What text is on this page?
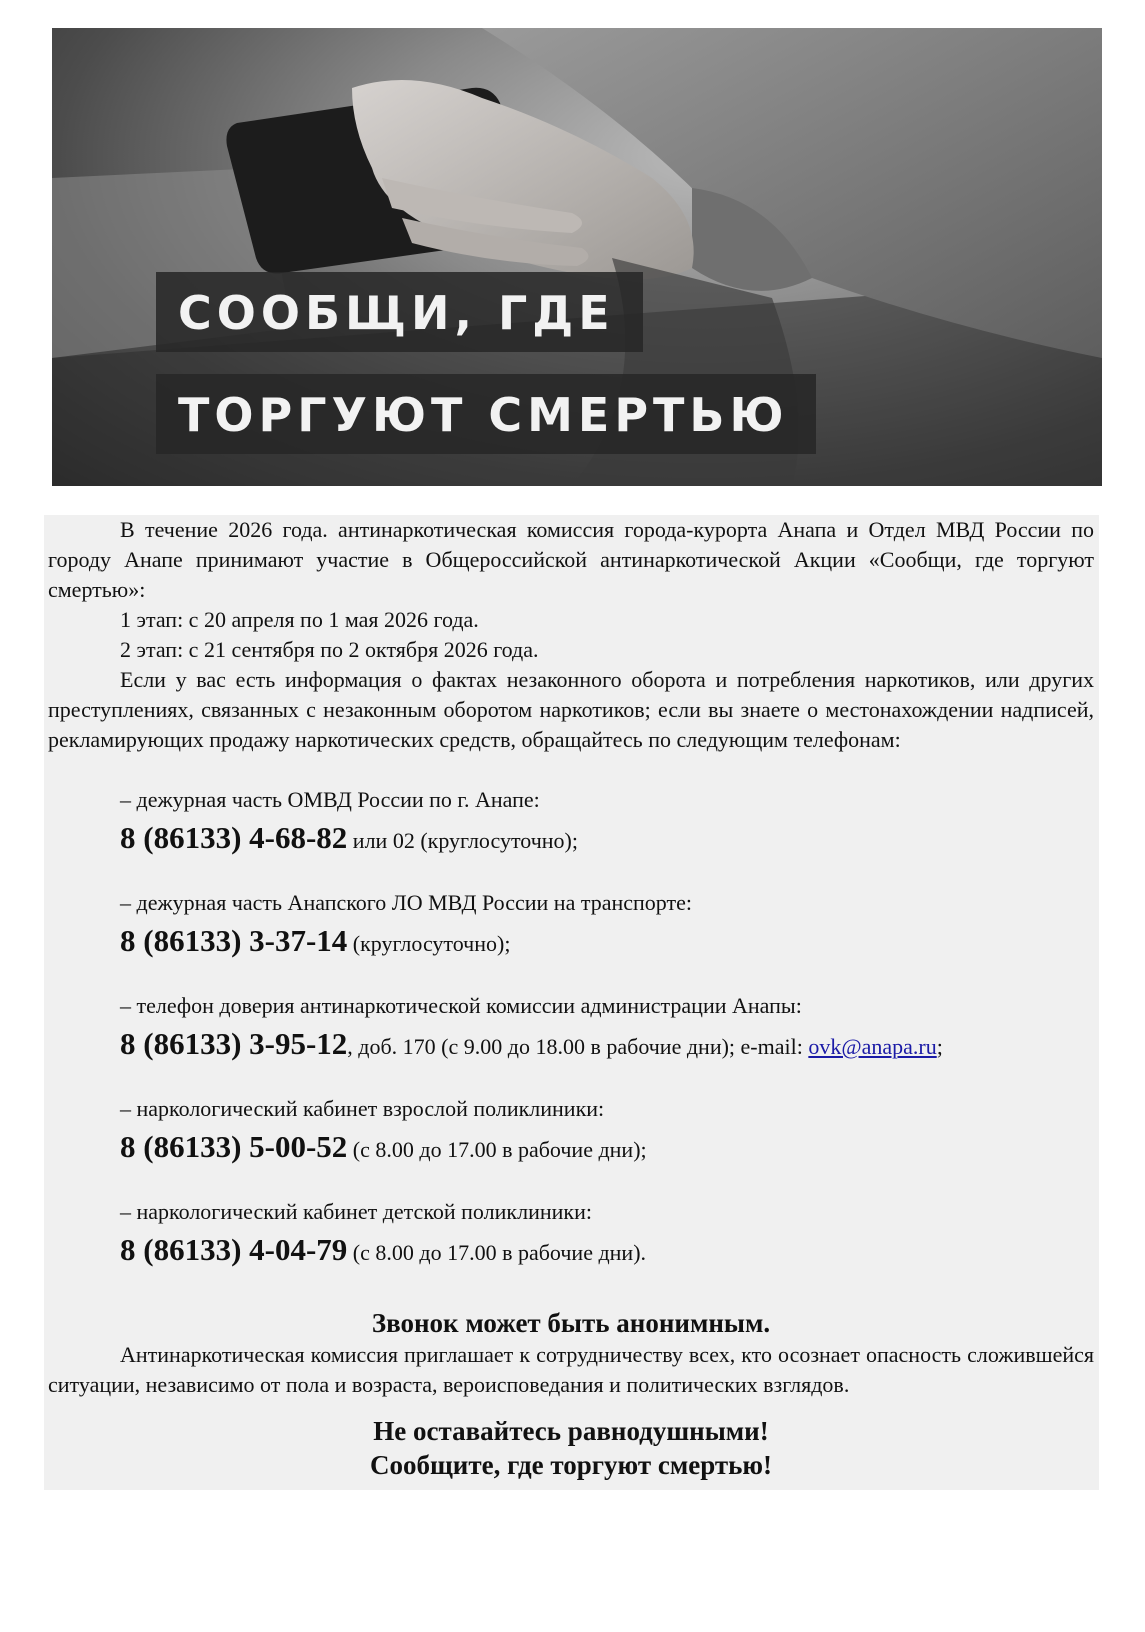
СООБЩИ, ГДЕ
ТОРГУЮТ СМЕРТЬЮ

В течение 2026 года. антинаркотическая комиссия города-курорта Анапа и Отдел МВД России по городу Анапе принимают участие в Общероссийской антинаркотической Акции «Сообщи, где торгуют смертью»:

1 этап: с 20 апреля по 1 мая 2026 года.

2 этап: с 21 сентября по 2 октября 2026 года.

Если у вас есть информация о фактах незаконного оборота и потребления наркотиков, или других преступлениях, связанных с незаконным оборотом наркотиков; если вы знаете о местонахождении надписей, рекламирующих продажу наркотических средств, обращайтесь по следующим телефонам:

– дежурная часть ОМВД России по г. Анапе:

8 (86133) 4-68-82 или 02 (круглосуточно);

– дежурная часть Анапского ЛО МВД России на транспорте:

8 (86133) 3-37-14 (круглосуточно);

– телефон доверия антинаркотической комиссии администрации Анапы:

8 (86133) 3-95-12, доб. 170 (с 9.00 до 18.00 в рабочие дни); e-mail: ovk@anapa.ru;

– наркологический кабинет взрослой поликлиники:

8 (86133) 5-00-52 (с 8.00 до 17.00 в рабочие дни);

– наркологический кабинет детской поликлиники:

8 (86133) 4-04-79 (с 8.00 до 17.00 в рабочие дни).

Звонок может быть анонимным.

Антинаркотическая комиссия приглашает к сотрудничеству всех, кто осознает опасность сложившейся ситуации, независимо от пола и возраста, вероисповедания и политических взглядов.

Не оставайтесь равнодушными!

Сообщите, где торгуют смертью!
